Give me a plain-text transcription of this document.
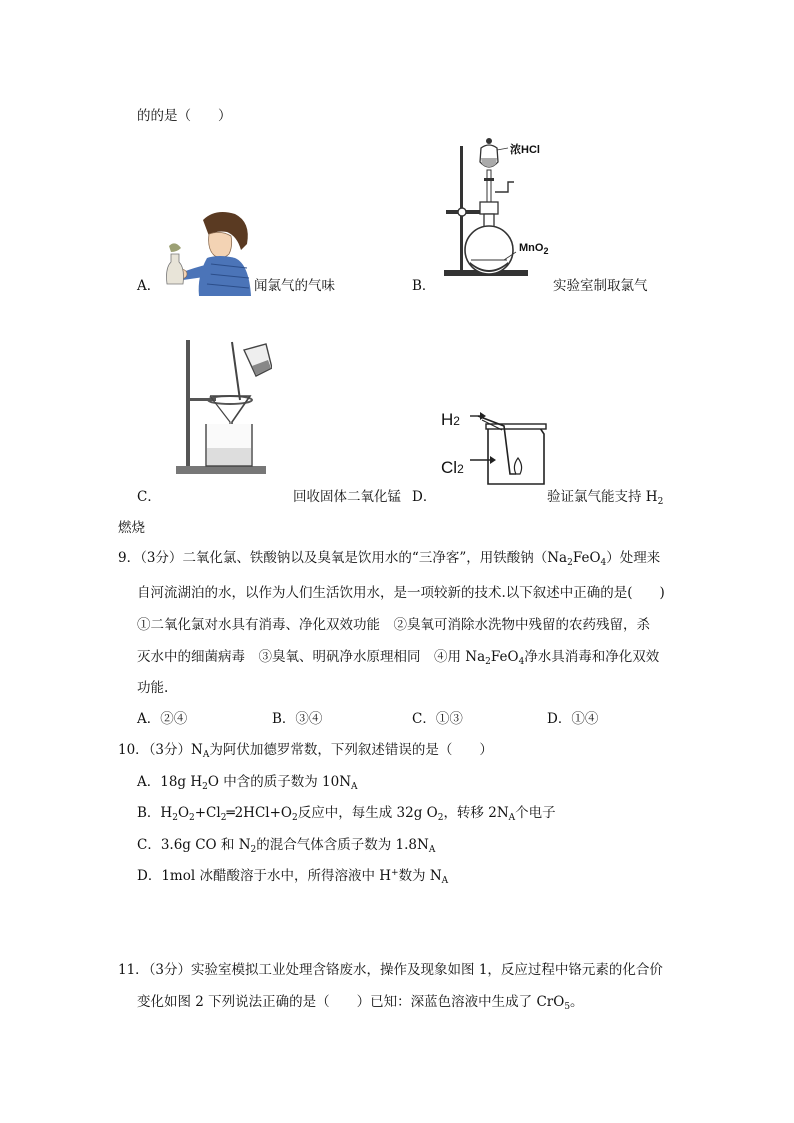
的的是（　　）
A．	闻氯气的气味
浓HCl
MnO$_2$
B．	实验室制取氯气
C．	回收固体二氧化锰
H2
Cl2
D．	验证氯气能支持 $H_2$
燃烧
9．（3分）二氧化氯、铁酸钠以及臭氧是饮用水的“三净客”，用铁酸钠$(Na_2FeO_4)$处理来
自河流湖泊的水，以作为人们生活饮用水，是一项较新的技术.以下叙述中正确的是(　　)
①二氧化氯对水具有消毒、净化双效功能　②臭氧可消除水洗物中残留的农药残留，杀
灭水中的细菌病毒　③臭氧、明矾净水原理相同　④用 $Na_2FeO_4$净水具消毒和净化双效
功能.
A．②④	B．③④	C．①③	D．①④
10．（3分）$N_A$为阿伏加德罗常数，下列叙述错误的是（　　）
A．18g $H_2O$ 中含的质子数为 $10N_A$
B．$H_2O_2+Cl_2═2HCl+O_2$反应中，每生成 32g $O_2$，转移 $2N_A$个电子
C．3.6g CO 和 $N_2$的混合气体含质子数为 $1.8N_A$
D．1mol 冰醋酸溶于水中，所得溶液中 H+数为 $N_A$
11．（3分）实验室模拟工业处理含铬废水，操作及现象如图 1，反应过程中铬元素的化合价
变化如图 2 下列说法正确的是（　　）已知：深蓝色溶液中生成了 CrO$_5$。
